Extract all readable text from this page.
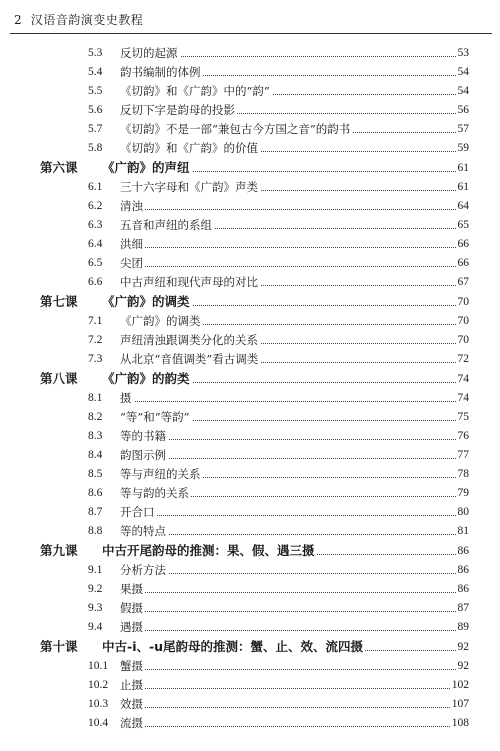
2 汉语音韵演变史教程
5.3 反切的起源	53
5.4 韵书编制的体例	54
5.5 《切韵》和《广韵》中的“韵”	54
5.6 反切下字是韵母的投影	56
5.7 《切韵》不是一部“兼包古今方国之音”的韵书	57
5.8 《切韵》和《广韵》的价值	59
第六课 《广韵》的声纽	61
6.1 三十六字母和《广韵》声类	61
6.2 清浊	64
6.3 五音和声纽的系组	65
6.4 洪细	66
6.5 尖团	66
6.6 中古声纽和现代声母的对比	67
第七课 《广韵》的调类	70
7.1 《广韵》的调类	70
7.2 声纽清浊跟调类分化的关系	70
7.3 从北京“音值调类”看古调类	72
第八课 《广韵》的韵类	74
8.1 摄	74
8.2 “等”和“等韵”	75
8.3 等的书籍	76
8.4 韵图示例	77
8.5 等与声纽的关系	78
8.6 等与韵的关系	79
8.7 开合口	80
8.8 等的特点	81
第九课 中古开尾韵母的推测：果、假、遇三摄	86
9.1 分析方法	86
9.2 果摄	86
9.3 假摄	87
9.4 遇摄	89
第十课 中古-i、-u尾韵母的推测：蟹、止、效、流四摄	92
10.1 蟹摄	92
10.2 止摄	102
10.3 效摄	107
10.4 流摄	108
